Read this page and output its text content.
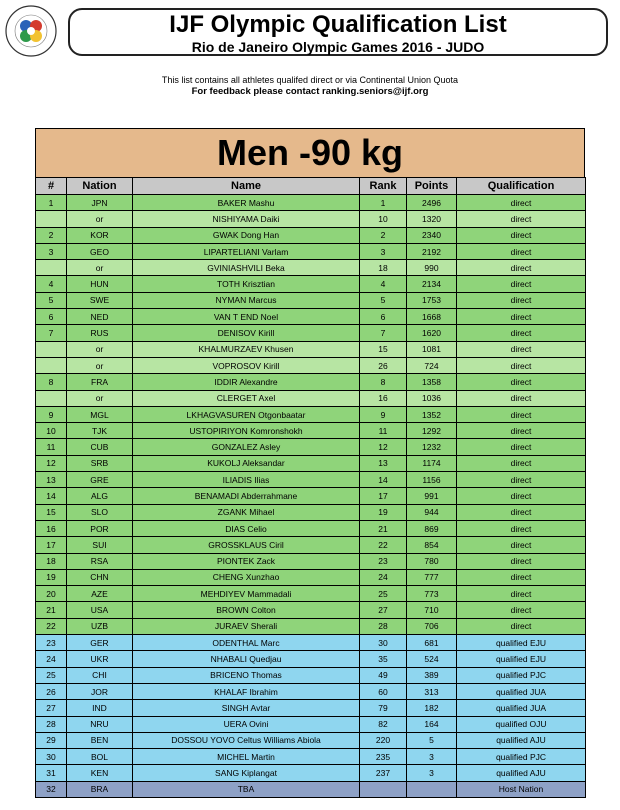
IJF Olympic Qualification List
Rio de Janeiro Olympic Games 2016 - JUDO
This list contains all athletes qualifed direct or via Continental Union Quota
For feedback please contact ranking.seniors@ijf.org
Men -90 kg
#	Nation	Name	Rank	Points	Qualification
1	JPN	BAKER Mashu	1	2496	direct
	or	NISHIYAMA Daiki	10	1320	direct
2	KOR	GWAK Dong Han	2	2340	direct
3	GEO	LIPARTELIANI Varlam	3	2192	direct
	or	GVINIASHVILI Beka	18	990	direct
4	HUN	TOTH Krisztian	4	2134	direct
5	SWE	NYMAN Marcus	5	1753	direct
6	NED	VAN T END Noel	6	1668	direct
7	RUS	DENISOV Kirill	7	1620	direct
	or	KHALMURZAEV Khusen	15	1081	direct
	or	VOPROSOV Kirill	26	724	direct
8	FRA	IDDIR Alexandre	8	1358	direct
	or	CLERGET Axel	16	1036	direct
9	MGL	LKHAGVASUREN Otgonbaatar	9	1352	direct
10	TJK	USTOPIRIYON Komronshokh	11	1292	direct
11	CUB	GONZALEZ Asley	12	1232	direct
12	SRB	KUKOLJ Aleksandar	13	1174	direct
13	GRE	ILIADIS Ilias	14	1156	direct
14	ALG	BENAMADI Abderrahmane	17	991	direct
15	SLO	ZGANK Mihael	19	944	direct
16	POR	DIAS Celio	21	869	direct
17	SUI	GROSSKLAUS Ciril	22	854	direct
18	RSA	PIONTEK Zack	23	780	direct
19	CHN	CHENG Xunzhao	24	777	direct
20	AZE	MEHDIYEV Mammadali	25	773	direct
21	USA	BROWN Colton	27	710	direct
22	UZB	JURAEV Sherali	28	706	direct
23	GER	ODENTHAL Marc	30	681	qualified EJU
24	UKR	NHABALI Quedjau	35	524	qualified EJU
25	CHI	BRICENO Thomas	49	389	qualified PJC
26	JOR	KHALAF Ibrahim	60	313	qualified JUA
27	IND	SINGH Avtar	79	182	qualified JUA
28	NRU	UERA Ovini	82	164	qualified OJU
29	BEN	DOSSOU YOVO Celtus Williams Abiola	220	5	qualified AJU
30	BOL	MICHEL Martin	235	3	qualified PJC
31	KEN	SANG Kiplangat	237	3	qualified AJU
32	BRA	TBA			Host Nation
